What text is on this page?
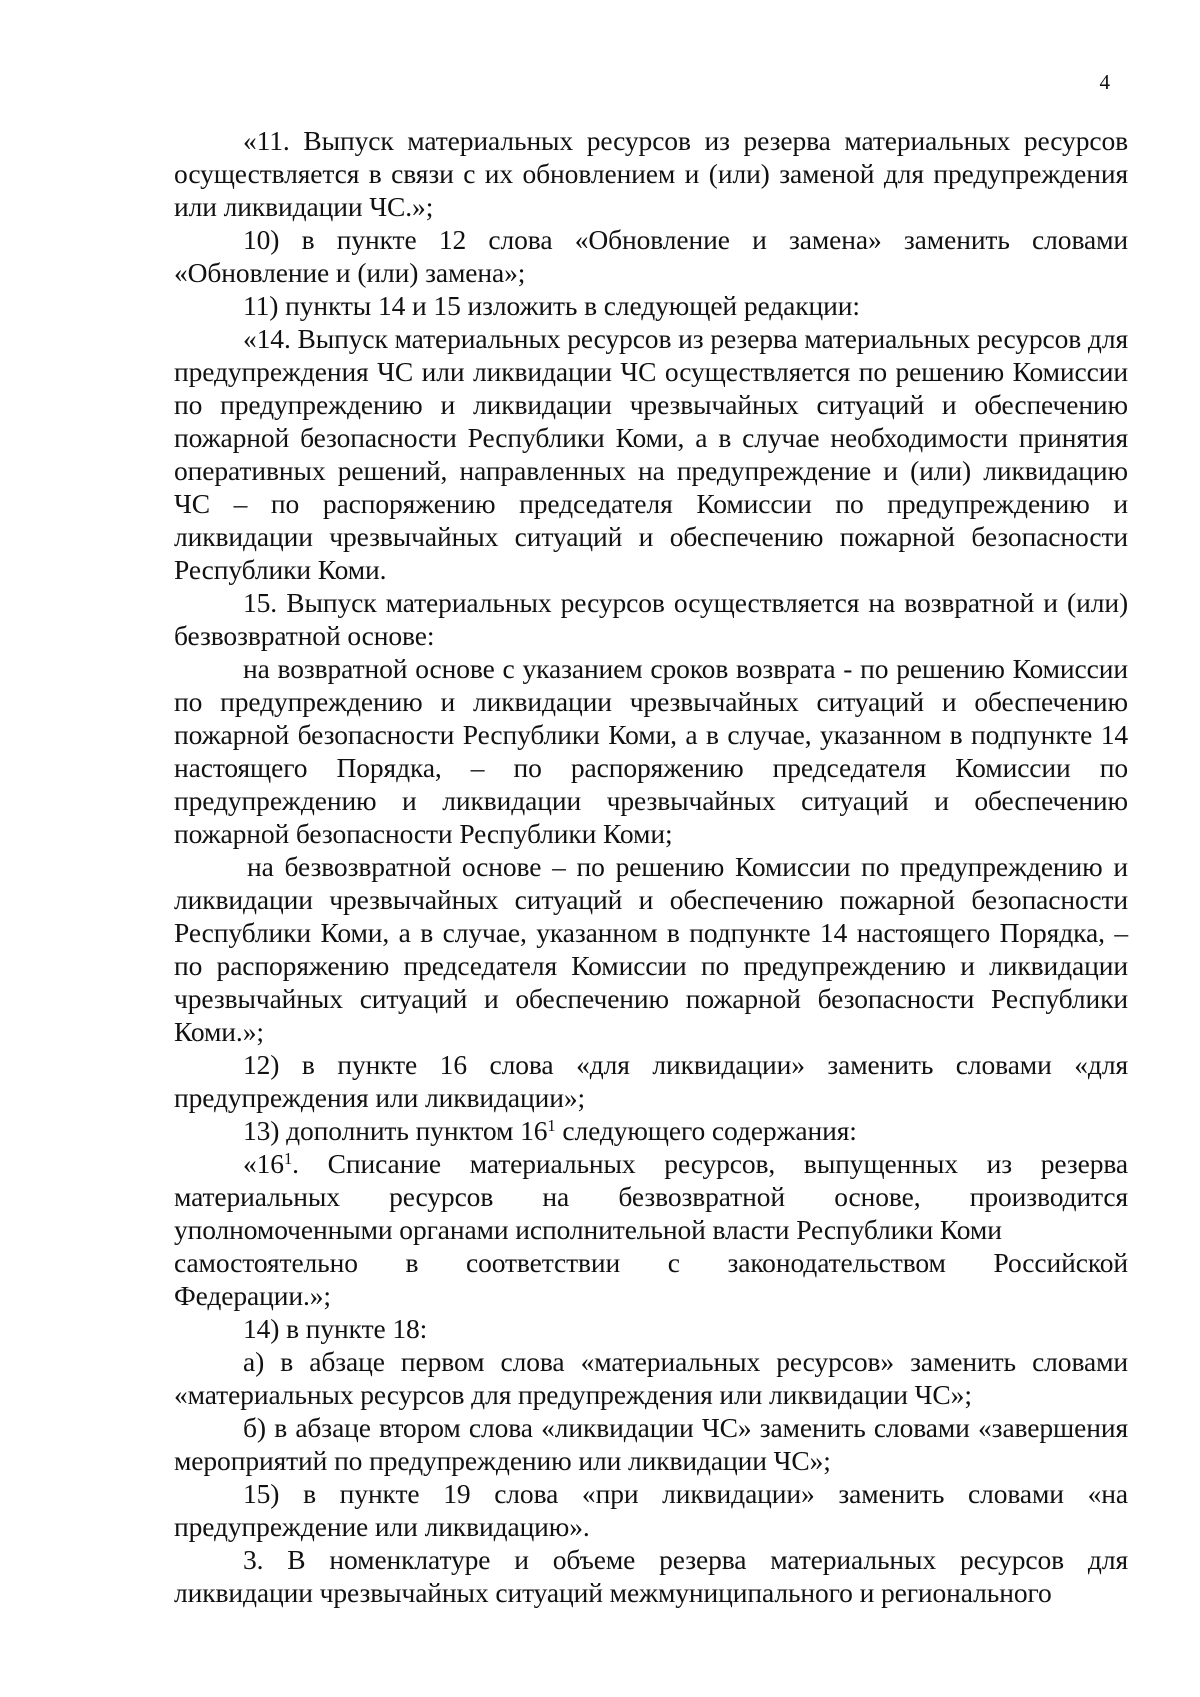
4

«11. Выпуск материальных ресурсов из резерва материальных ресурсов осуществляется в связи с их обновлением и (или) заменой для предупреждения или ликвидации ЧС.»;

10) в пункте 12 слова «Обновление и замена» заменить словами «Обновление и (или) замена»;

11) пункты 14 и 15 изложить в следующей редакции:

«14. Выпуск материальных ресурсов из резерва материальных ресурсов для предупреждения ЧС или ликвидации ЧС осуществляется по решению Комиссии по предупреждению и ликвидации чрезвычайных ситуаций и обеспечению пожарной безопасности Республики Коми, а в случае необходимости принятия оперативных решений, направленных на предупреждение и (или) ликвидацию ЧС – по распоряжению председателя Комиссии по предупреждению и ликвидации чрезвычайных ситуаций и обеспечению пожарной безопасности Республики Коми.

15. Выпуск материальных ресурсов осуществляется на возвратной и (или) безвозвратной основе:

на возвратной основе с указанием сроков возврата - по решению Комиссии по предупреждению и ликвидации чрезвычайных ситуаций и обеспечению пожарной безопасности Республики Коми, а в случае, указанном в подпункте 14 настоящего Порядка, – по распоряжению председателя Комиссии по предупреждению и ликвидации чрезвычайных ситуаций и обеспечению пожарной безопасности Республики Коми;

на безвозвратной основе – по решению Комиссии по предупреждению и ликвидации чрезвычайных ситуаций и обеспечению пожарной безопасности Республики Коми, а в случае, указанном в подпункте 14 настоящего Порядка, – по распоряжению председателя Комиссии по предупреждению и ликвидации чрезвычайных ситуаций и обеспечению пожарной безопасности Республики Коми.»;

12) в пункте 16 слова «для ликвидации» заменить словами «для предупреждения или ликвидации»;

13) дополнить пунктом $16^1$ следующего содержания:

«$16^1$. Списание материальных ресурсов, выпущенных из резерва материальных ресурсов на безвозвратной основе, производится уполномоченными органами исполнительной власти Республики Коми

самостоятельно в соответствии с законодательством Российской

Федерации.»;

14) в пункте 18:

а) в абзаце первом слова «материальных ресурсов» заменить словами «материальных ресурсов для предупреждения или ликвидации ЧС»;

б) в абзаце втором слова «ликвидации ЧС» заменить словами «завершения мероприятий по предупреждению или ликвидации ЧС»;

15) в пункте 19 слова «при ликвидации» заменить словами «на предупреждение или ликвидацию».

3. В номенклатуре и объеме резерва материальных ресурсов для ликвидации чрезвычайных ситуаций межмуниципального и регионального
